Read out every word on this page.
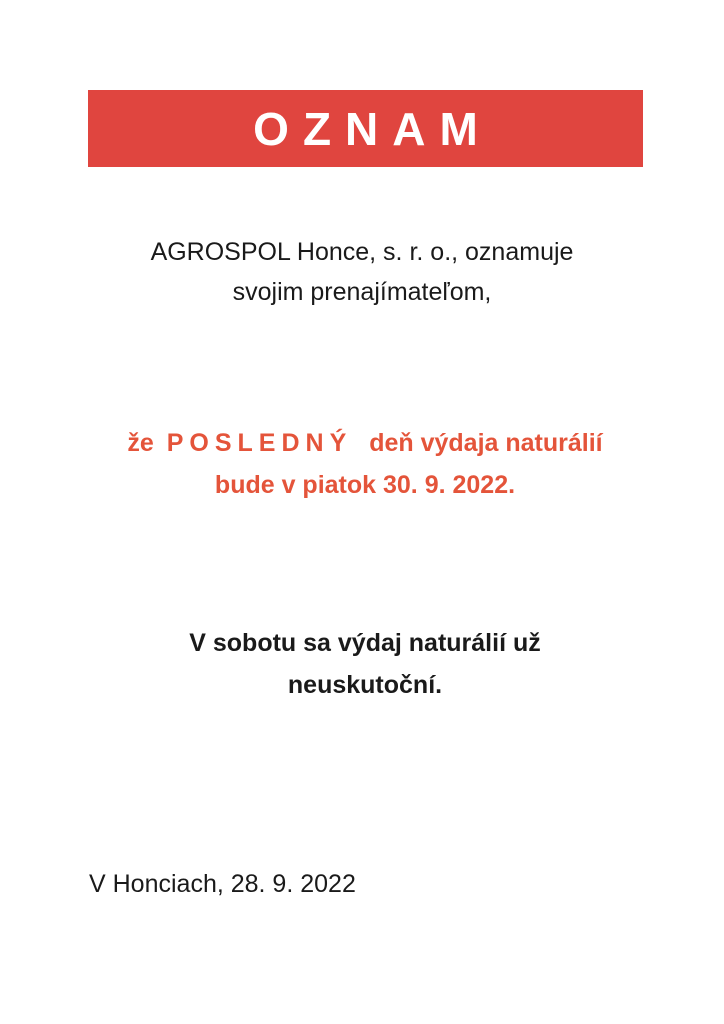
OZNAM
AGROSPOL Honce, s. r. o., oznamuje
svojim prenajímateľom,
že POSLEDNÝ deň výdaja naturálií
bude v piatok 30. 9. 2022.
V sobotu sa výdaj naturálií už
neuskutoční.
V Honciach, 28. 9. 2022
